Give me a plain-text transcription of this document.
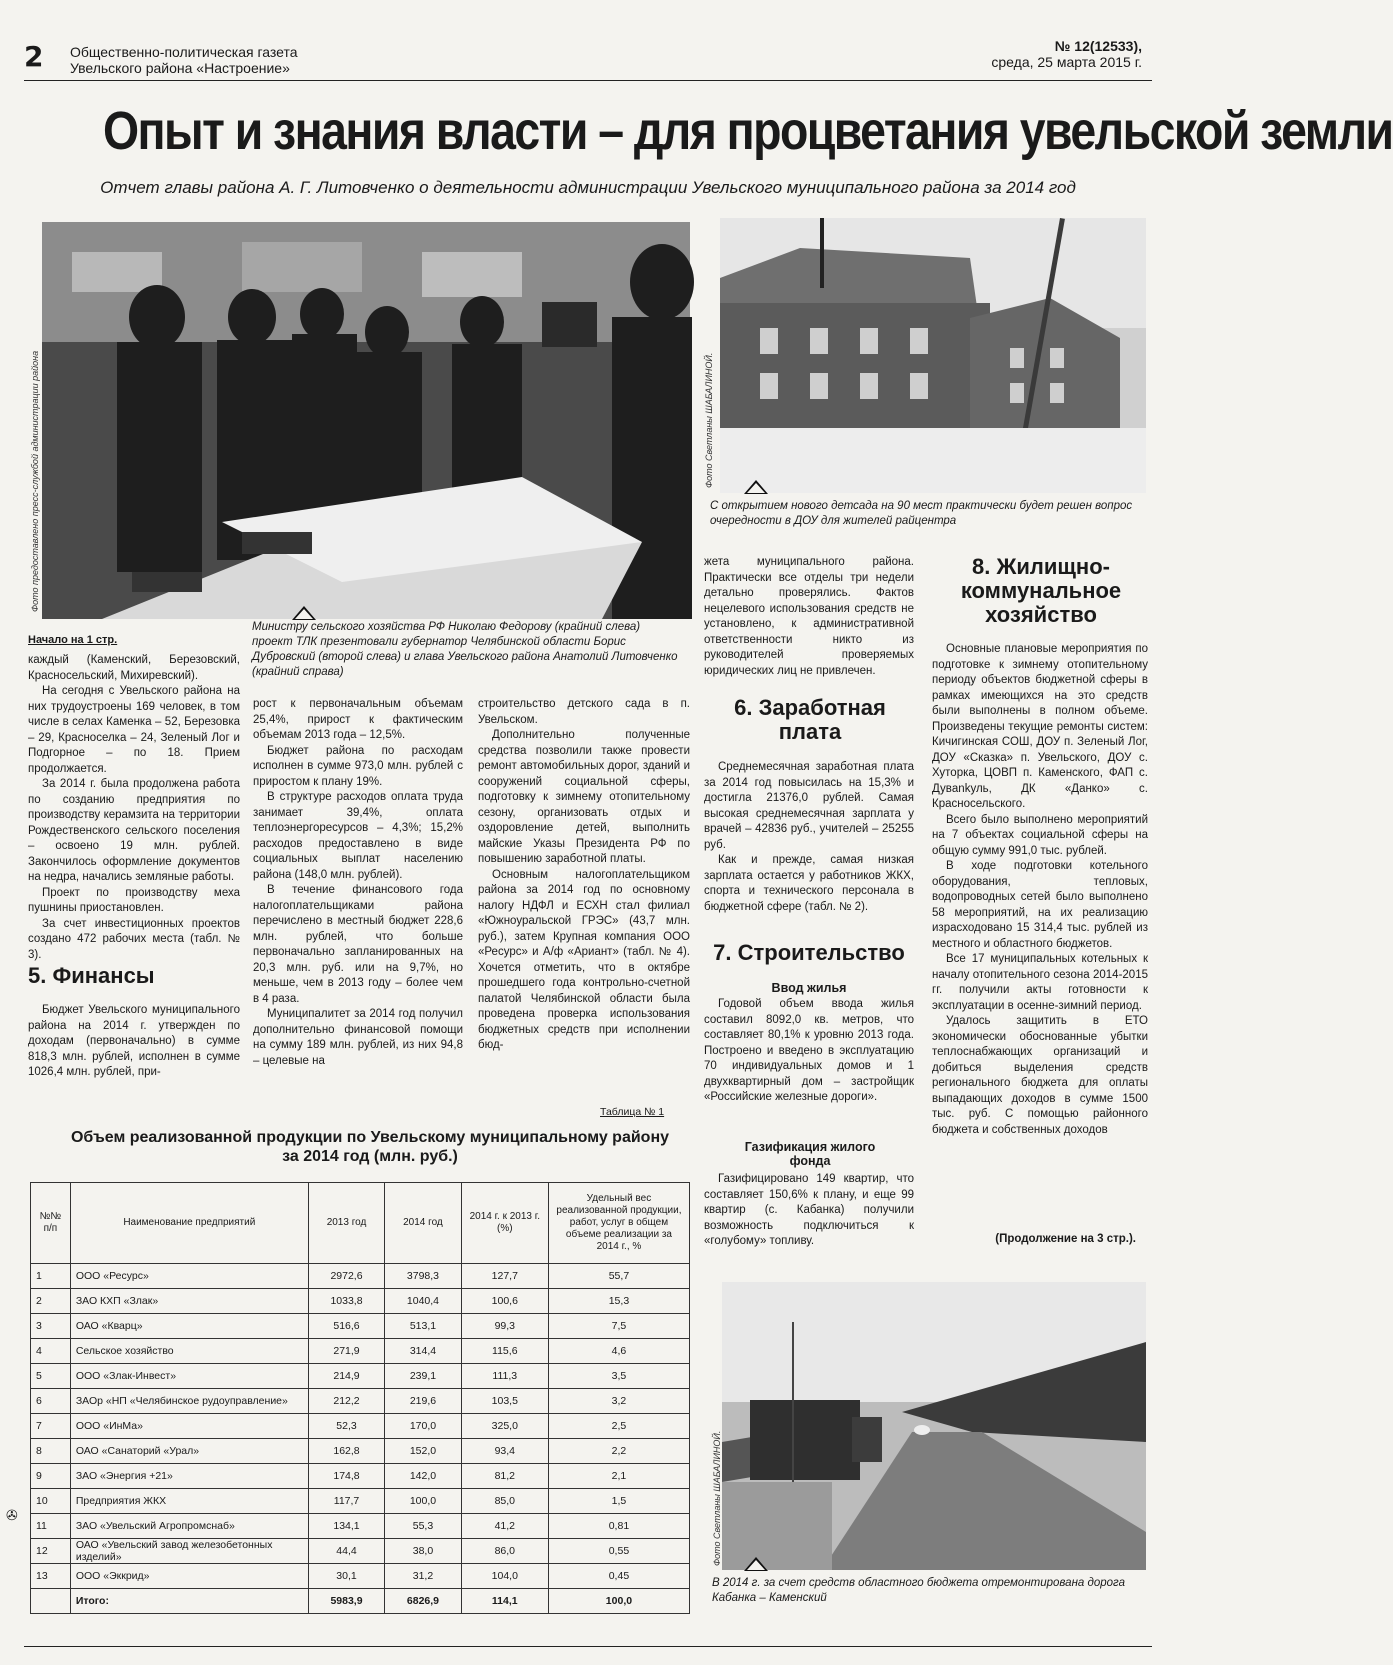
2 Общественно-политическая газета
Увельского района «Настроение»
№ 12(12533),
среда, 25 марта 2015 г.
Опыт и знания власти – для процветания увельской земли
Отчет главы района А. Г. Литовченко о деятельности администрации Увельского муниципального района за 2014 год
Фото предоставлено пресс-службой администрации района
Министру сельского хозяйства РФ Николаю Федорову (крайний слева) проект ТЛК презентовали губернатор Челябинской области Борис Дубровский (второй слева) и глава Увельского района Анатолий Литовченко (крайний справа)
Фото Светланы ШАБАЛИНОЙ.
С открытием нового детсада на 90 мест практически будет решен вопрос очередности в ДОУ для жителей райцентра
Начало на 1 стр.

каждый (Каменский, Березовский, Красносельский, Михиревский).

На сегодня с Увельского района на них трудоустроены 169 человек, в том числе в селах Каменка – 52, Березовка – 29, Красноселка – 24, Зеленый Лог и Подгорное – по 18. Прием продолжается.

За 2014 г. была продолжена работа по созданию предприятия по производству керамзита на территории Рождественского сельского поселения – освоено 19 млн. рублей. Закончилось оформление документов на недра, начались земляные работы.

Проект по производству меха пушнины приостановлен.

За счет инвестиционных проектов создано 472 рабочих места (табл. № 3).

5. Финансы

Бюджет Увельского муниципального района на 2014 г. утвержден по доходам (первоначально) в сумме 818,3 млн. рублей, исполнен в сумме 1026,4 млн. рублей, при-

рост к первоначальным объемам 25,4%, прирост к фактическим объемам 2013 года – 12,5%.

Бюджет района по расходам исполнен в сумме 973,0 млн. рублей с приростом к плану 19%.

В структуре расходов оплата труда занимает 39,4%, оплата теплоэнергоресурсов – 4,3%; 15,2% расходов предоставлено в виде социальных выплат населению района (148,0 млн. рублей).

В течение финансового года налогоплательщиками района перечислено в местный бюджет 228,6 млн. рублей, что больше первоначально запланированных на 20,3 млн. руб. или на 9,7%, но меньше, чем в 2013 году – более чем в 4 раза.

Муниципалитет за 2014 год получил дополнительно финансовой помощи на сумму 189 млн. рублей, из них 94,8 – целевые на

строительство детского сада в п. Увельском.

Дополнительно полученные средства позволили также провести ремонт автомобильных дорог, зданий и сооружений социальной сферы, подготовку к зимнему отопительному сезону, организовать отдых и оздоровление детей, выполнить майские Указы Президента РФ по повышению заработной платы.

Основным налогоплательщиком района за 2014 год по основному налогу НДФЛ и ЕСХН стал филиал «Южноуральской ГРЭС» (43,7 млн. руб.), затем Крупная компания ООО «Ресурс» и А/ф «Ариант» (табл. № 4). Хочется отметить, что в октябре прошедшего года контрольно-счетной палатой Челябинской области была проведена проверка использования бюджетных средств при исполнении бюд-

жета муниципального района. Практически все отделы три недели детально проверялись. Фактов нецелевого использования средств не установлено, к административной ответственности никто из руководителей проверяемых юридических лиц не привлечен.

6. Заработная плата

Среднемесячная заработная плата за 2014 год повысилась на 15,3% и достигла 21376,0 рублей. Самая высокая среднемесячная зарплата у врачей – 42836 руб., учителей – 25255 руб.

Как и прежде, самая низкая зарплата остается у работников ЖКХ, спорта и технического персонала в бюджетной сфере (табл. № 2).

7. Строительство
Ввод жилья

Годовой объем ввода жилья составил 8092,0 кв. метров, что составляет 80,1% к уровню 2013 года. Построено и введено в эксплуатацию 70 индивидуальных домов и 1 двухквартирный дом – застройщик «Российские железные дороги».

Газификация жилого фонда

Газифицировано 149 квартир, что составляет 150,6% к плану, и еще 99 квартир (с. Кабанка) получили возможность подключиться к «голубому» топливу.

8. Жилищно-коммунальное хозяйство

Основные плановые мероприятия по подготовке к зимнему отопительному периоду объектов бюджетной сферы в рамках имеющихся на это средств были выполнены в полном объеме. Произведены текущие ремонты систем: Кичигинская СОШ, ДОУ п. Зеленый Лог, ДОУ «Сказка» п. Увельского, ДОУ с. Хуторка, ЦОВП п. Каменского, ФАП с. Дувankуль, ДК «Данко» с. Красносельского.

Всего было выполнено мероприятий на 7 объектах социальной сферы на общую сумму 991,0 тыс. рублей.

В ходе подготовки котельного оборудования, тепловых, водопроводных сетей было выполнено 58 мероприятий, на их реализацию израсходовано 15 314,4 тыс. рублей из местного и областного бюджетов.

Все 17 муниципальных котельных к началу отопительного сезона 2014-2015 гг. получили акты готовности к эксплуатации в осенне-зимний период.

Удалось защитить в ЕТО экономически обоснованные убытки теплоснабжающих организаций и добиться выделения средств регионального бюджета для оплаты выпадающих доходов в сумме 1500 тыс. руб. С помощью районного бюджета и собственных доходов

(Продолжение на 3 стр.).
Фото Светланы ШАБАЛИНОЙ.
В 2014 г. за счет средств областного бюджета отремонтирована дорога Кабанка – Каменский
Таблица № 1
Объем реализованной продукции по Увельскому муниципальному району за 2014 год (млн. руб.)
№№ п/п	Наименование предприятий	2013 год	2014 год	2014 г. к 2013 г. (%)	Удельный вес реализованной продукции, работ, услуг в общем объеме реализации за 2014 г., %
1	ООО «Ресурс»	2972,6	3798,3	127,7	55,7
2	ЗАО КХП «Злак»	1033,8	1040,4	100,6	15,3
3	ОАО «Кварц»	516,6	513,1	99,3	7,5
4	Сельское хозяйство	271,9	314,4	115,6	4,6
5	ООО «Злак-Инвест»	214,9	239,1	111,3	3,5
6	ЗАОр «НП «Челябинское рудоуправление»	212,2	219,6	103,5	3,2
7	ООО «ИнМа»	52,3	170,0	325,0	2,5
8	ОАО «Санаторий «Урал»	162,8	152,0	93,4	2,2
9	ЗАО «Энергия +21»	174,8	142,0	81,2	2,1
10	Предприятия ЖКХ	117,7	100,0	85,0	1,5
11	ЗАО «Увельский Агропромснаб»	134,1	55,3	41,2	0,81
12	ОАО «Увельский завод железобетонных изделий»	44,4	38,0	86,0	0,55
13	ООО «Эккрид»	30,1	31,2	104,0	0,45
	Итого:	5983,9	6826,9	114,1	100,0
✇
